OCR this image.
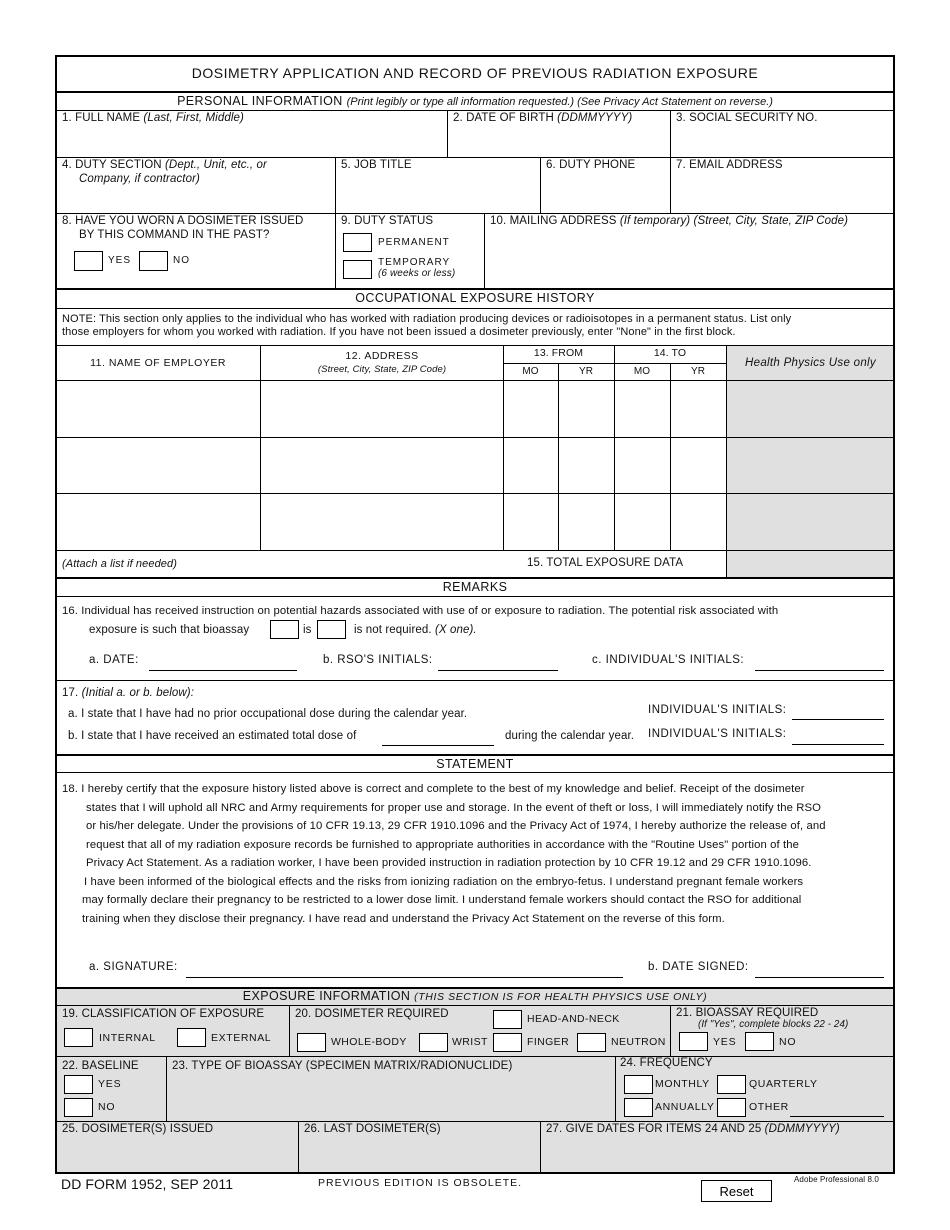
DOSIMETRY APPLICATION AND RECORD OF PREVIOUS RADIATION EXPOSURE
PERSONAL INFORMATION (Print legibly or type all information requested.) (See Privacy Act Statement on reverse.)
1. FULL NAME (Last, First, Middle)	2. DATE OF BIRTH (DDMMYYYY)	3. SOCIAL SECURITY NO.
4. DUTY SECTION (Dept., Unit, etc., or
Company, if contractor)
5. JOB TITLE	6. DUTY PHONE	7. EMAIL ADDRESS
8. HAVE YOU WORN A DOSIMETER ISSUED
BY THIS COMMAND IN THE PAST?
YES	NO
9. DUTY STATUS
PERMANENT
TEMPORARY
(6 weeks or less)
10. MAILING ADDRESS (If temporary) (Street, City, State, ZIP Code)
OCCUPATIONAL EXPOSURE HISTORY
NOTE: This section only applies to the individual who has worked with radiation producing devices or radioisotopes in a permanent status. List only
those employers for whom you worked with radiation. If you have not been issued a dosimeter previously, enter "None" in the first block.
11. NAME OF EMPLOYER
12. ADDRESS
(Street, City, State, ZIP Code)
13. FROM	14. TO
MO	YR	MO	YR
Health Physics Use only
(Attach a list if needed)	15. TOTAL EXPOSURE DATA
REMARKS
16. Individual has received instruction on potential hazards associated with use of or exposure to radiation. The potential risk associated with
exposure is such that bioassay	is	is not required. (X one).
a. DATE:	b. RSO'S INITIALS:	c. INDIVIDUAL'S INITIALS:
17. (Initial a. or b. below):
a. I state that I have had no prior occupational dose during the calendar year.	INDIVIDUAL'S INITIALS:
b. I state that I have received an estimated total dose of	during the calendar year. INDIVIDUAL'S INITIALS:
STATEMENT
18. I hereby certify that the exposure history listed above is correct and complete to the best of my knowledge and belief. Receipt of the dosimeter
states that I will uphold all NRC and Army requirements for proper use and storage. In the event of theft or loss, I will immediately notify the RSO
or his/her delegate. Under the provisions of 10 CFR 19.13, 29 CFR 1910.1096 and the Privacy Act of 1974, I hereby authorize the release of, and
request that all of my radiation exposure records be furnished to appropriate authorities in accordance with the "Routine Uses" portion of the
Privacy Act Statement. As a radiation worker, I have been provided instruction in radiation protection by 10 CFR 19.12 and 29 CFR 1910.1096.
I have been informed of the biological effects and the risks from ionizing radiation on the embryo-fetus. I understand pregnant female workers
may formally declare their pregnancy to be restricted to a lower dose limit. I understand female workers should contact the RSO for additional
training when they disclose their pregnancy. I have read and understand the Privacy Act Statement on the reverse of this form.
a. SIGNATURE:	b. DATE SIGNED:
EXPOSURE INFORMATION (THIS SECTION IS FOR HEALTH PHYSICS USE ONLY)
19. CLASSIFICATION OF EXPOSURE
INTERNAL	EXTERNAL
20. DOSIMETER REQUIRED	HEAD-AND-NECK
WHOLE-BODY	WRIST	FINGER	NEUTRON
21. BIOASSAY REQUIRED
(If "Yes", complete blocks 22 - 24)
YES	NO
22. BASELINE
YES
NO
23. TYPE OF BIOASSAY (SPECIMEN MATRIX/RADIONUCLIDE)	24. FREQUENCY
MONTHLY	QUARTERLY
ANNUALLY	OTHER
25. DOSIMETER(S) ISSUED	26. LAST DOSIMETER(S)	27. GIVE DATES FOR ITEMS 24 AND 25 (DDMMYYYY)
DD FORM 1952, SEP 2011	PREVIOUS EDITION IS OBSOLETE.
Reset
Adobe Professional 8.0
